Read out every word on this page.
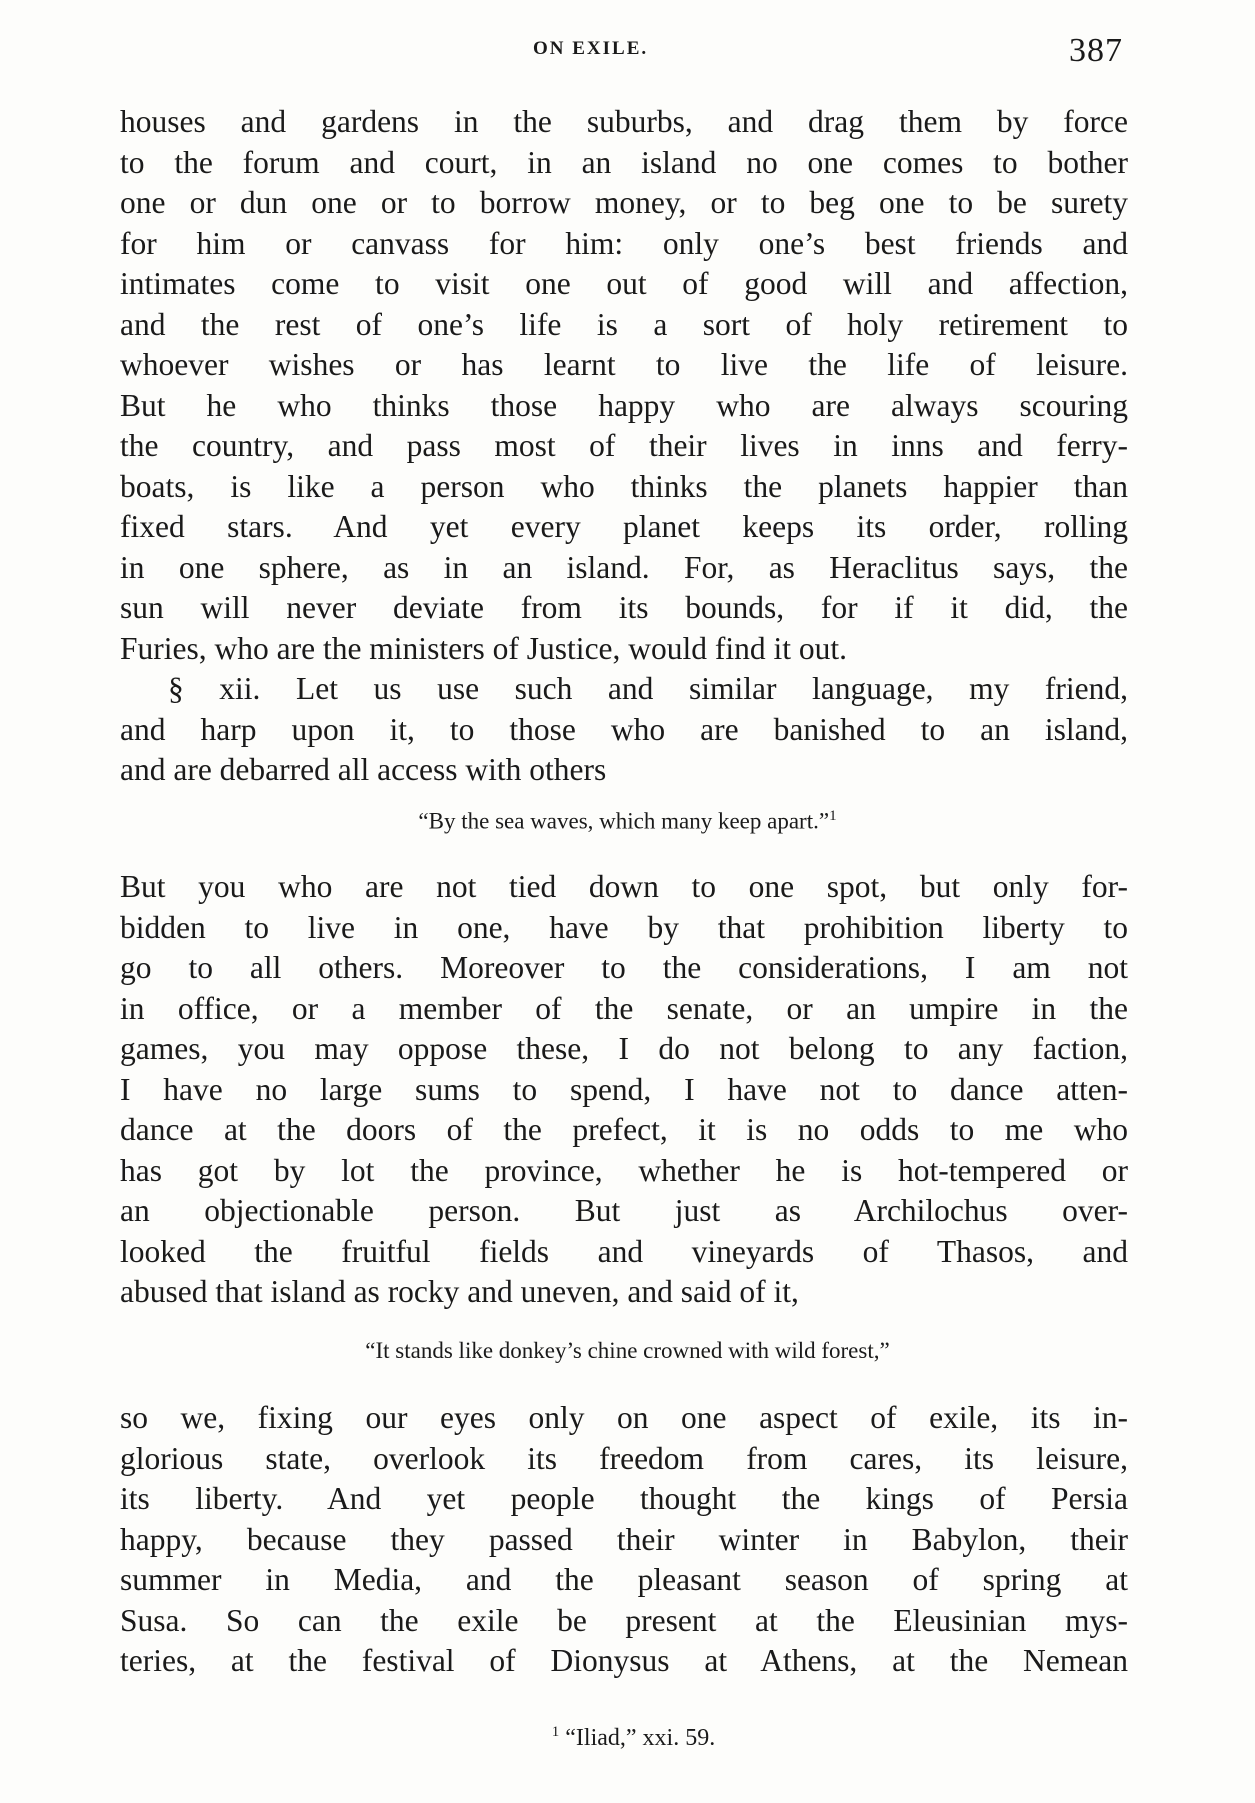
ON EXILE.	387
houses and gardens in the suburbs, and drag them by force
to the forum and court, in an island no one comes to bother
one or dun one or to borrow money, or to beg one to be surety
for him or canvass for him: only one’s best friends and
intimates come to visit one out of good will and affection,
and the rest of one’s life is a sort of holy retirement to
whoever wishes or has learnt to live the life of leisure.
But he who thinks those happy who are always scouring
the country, and pass most of their lives in inns and ferry-
boats, is like a person who thinks the planets happier than
fixed stars. And yet every planet keeps its order, rolling
in one sphere, as in an island. For, as Heraclitus says, the
sun will never deviate from its bounds, for if it did, the
Furies, who are the ministers of Justice, would find it out.
§ xii. Let us use such and similar language, my friend,
and harp upon it, to those who are banished to an island,
and are debarred all access with others
“By the sea waves, which many keep apart.”$^1$
But you who are not tied down to one spot, but only for-
bidden to live in one, have by that prohibition liberty to
go to all others. Moreover to the considerations, I am not
in office, or a member of the senate, or an umpire in the
games, you may oppose these, I do not belong to any faction,
I have no large sums to spend, I have not to dance atten-
dance at the doors of the prefect, it is no odds to me who
has got by lot the province, whether he is hot-tempered or
an objectionable person. But just as Archilochus over-
looked the fruitful fields and vineyards of Thasos, and
abused that island as rocky and uneven, and said of it,
“It stands like donkey’s chine crowned with wild forest,”
so we, fixing our eyes only on one aspect of exile, its in-
glorious state, overlook its freedom from cares, its leisure,
its liberty. And yet people thought the kings of Persia
happy, because they passed their winter in Babylon, their
summer in Media, and the pleasant season of spring at
Susa. So can the exile be present at the Eleusinian mys-
teries, at the festival of Dionysus at Athens, at the Nemean
$^1$ “Iliad,” xxi. 59.
